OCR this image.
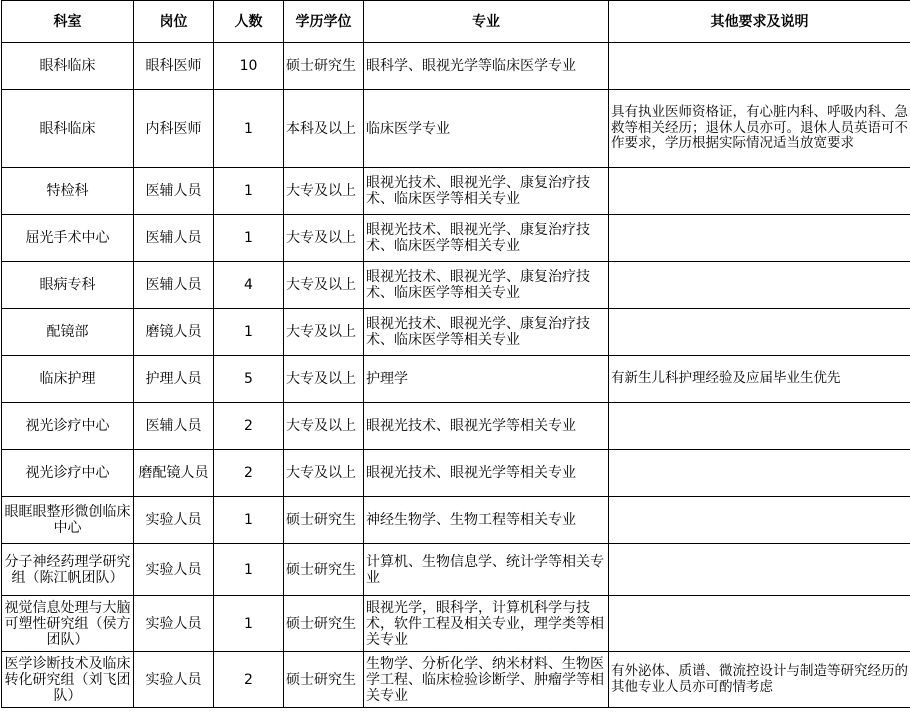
科室	岗位	人数	学历学位	专业	其他要求及说明
眼科临床	眼科医师	10	硕士研究生	眼科学、眼视光学等临床医学专业	
眼科临床	内科医师	1	本科及以上	临床医学专业	具有执业医师资格证，有心脏内科、呼吸内科、急救等相关经历；退休人员亦可。退休人员英语可不作要求，学历根据实际情况适当放宽要求
特检科	医辅人员	1	大专及以上	眼视光技术、眼视光学、康复治疗技术、临床医学等相关专业	
屈光手术中心	医辅人员	1	大专及以上	眼视光技术、眼视光学、康复治疗技术、临床医学等相关专业	
眼病专科	医辅人员	4	大专及以上	眼视光技术、眼视光学、康复治疗技术、临床医学等相关专业	
配镜部	磨镜人员	1	大专及以上	眼视光技术、眼视光学、康复治疗技术、临床医学等相关专业	
临床护理	护理人员	5	大专及以上	护理学	有新生儿科护理经验及应届毕业生优先
视光诊疗中心	医辅人员	2	大专及以上	眼视光技术、眼视光学等相关专业	
视光诊疗中心	磨配镜人员	2	大专及以上	眼视光技术、眼视光学等相关专业	
眼眶眼整形微创临床中心	实验人员	1	硕士研究生	神经生物学、生物工程等相关专业	
分子神经药理学研究组（陈江帆团队）	实验人员	1	硕士研究生	计算机、生物信息学、统计学等相关专业	
视觉信息处理与大脑可塑性研究组（侯方团队）	实验人员	1	硕士研究生	眼视光学，眼科学，计算机科学与技术，软件工程及相关专业，理学类等相关专业	
医学诊断技术及临床转化研究组（刘飞团队）	实验人员	2	硕士研究生	生物学、分析化学、纳米材料、生物医学工程、临床检验诊断学、肿瘤学等相关专业	有外泌体、质谱、微流控设计与制造等研究经历的其他专业人员亦可酌情考虑
